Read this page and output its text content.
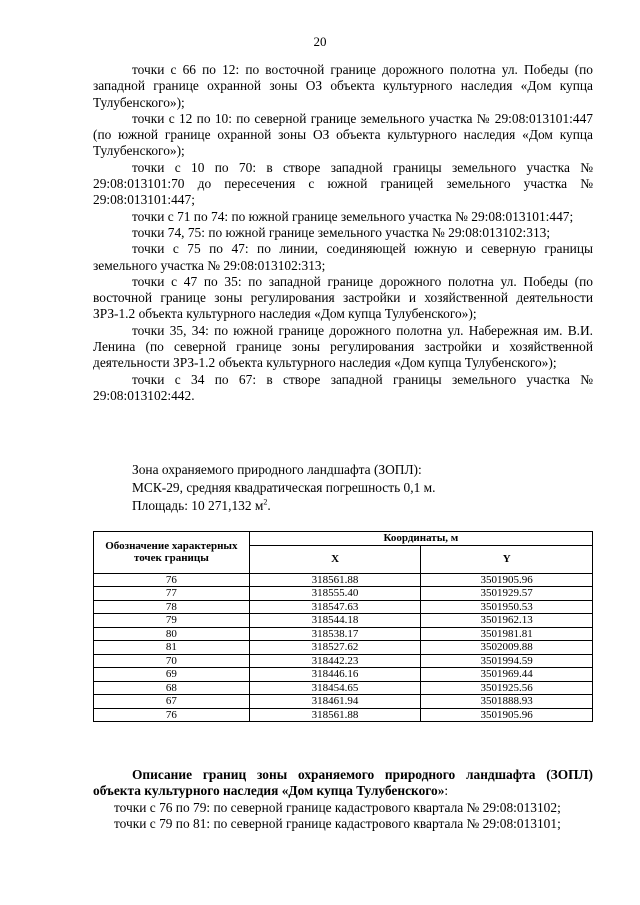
20

точки с 66 по 12: по восточной границе дорожного полотна ул. Победы (по западной границе охранной зоны ОЗ объекта культурного наследия «Дом купца Тулубенского»);

точки с 12 по 10: по северной границе земельного участка № 29:08:013101:447 (по южной границе охранной зоны ОЗ объекта культурного наследия «Дом купца Тулубенского»);

точки с 10 по 70: в створе западной границы земельного участка № 29:08:013101:70 до пересечения с южной границей земельного участка № 29:08:013101:447;

точки с 71 по 74: по южной границе земельного участка № 29:08:013101:447;

точки 74, 75: по южной границе земельного участка № 29:08:013102:313;

точки с 75 по 47: по линии, соединяющей южную и северную границы земельного участка № 29:08:013102:313;

точки с 47 по 35: по западной границе дорожного полотна ул. Победы (по восточной границе зоны регулирования застройки и хозяйственной деятельности ЗРЗ-1.2 объекта культурного наследия «Дом купца Тулубенского»);

точки 35, 34: по южной границе дорожного полотна ул. Набережная им. В.И. Ленина (по северной границе зоны регулирования застройки и хозяйственной деятельности ЗРЗ-1.2 объекта культурного наследия «Дом купца Тулубенского»);

точки с 34 по 67: в створе западной границы земельного участка № 29:08:013102:442.

Зона охраняемого природного ландшафта (ЗОПЛ):
МСК-29, средняя квадратическая погрешность 0,1 м.
Площадь: 10 271,132 $м^2$.
Обозначение характерных точек границы	Координаты, м	
	X	Y
76	318561.88	3501905.96
77	318555.40	3501929.57
78	318547.63	3501950.53
79	318544.18	3501962.13
80	318538.17	3501981.81
81	318527.62	3502009.88
70	318442.23	3501994.59
69	318446.16	3501969.44
68	318454.65	3501925.56
67	318461.94	3501888.93
76	318561.88	3501905.96

Описание границ зоны охраняемого природного ландшафта (ЗОПЛ) объекта культурного наследия «Дом купца Тулубенского»:

точки с 76 по 79: по северной границе кадастрового квартала № 29:08:013102;

точки с 79 по 81: по северной границе кадастрового квартала № 29:08:013101;
